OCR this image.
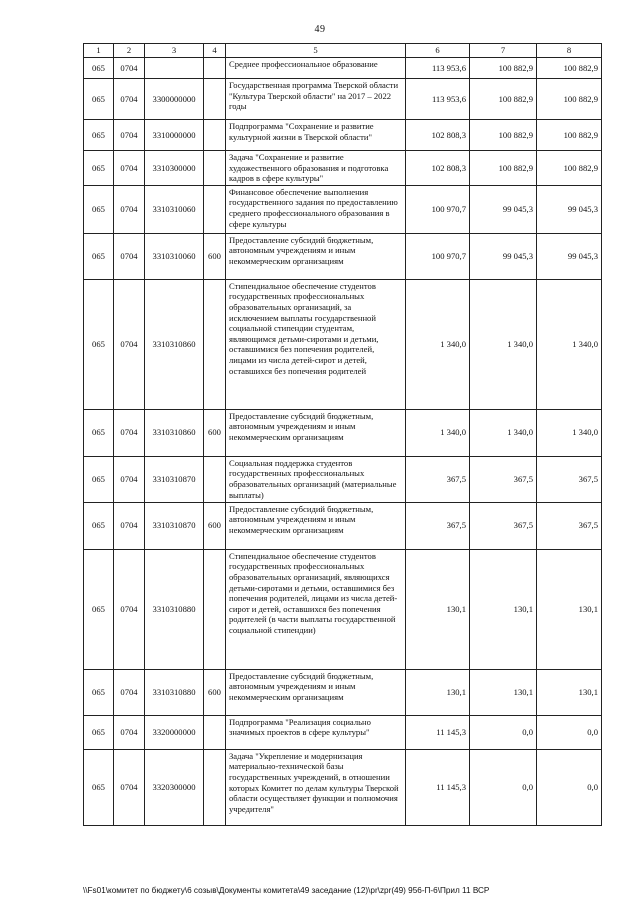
49
1	2	3	4	5	6	7	8
065	0704			Среднее профессиональное образование	113 953,6	100 882,9	100 882,9
065	0704	3300000000		Государственная программа Тверской области "Культура Тверской области" на 2017 – 2022 годы	113 953,6	100 882,9	100 882,9
065	0704	3310000000		Подпрограмма "Сохранение и развитие культурной жизни в Тверской области"	102 808,3	100 882,9	100 882,9
065	0704	3310300000		Задача "Сохранение и развитие художественного образования и подготовка кадров в сфере культуры"	102 808,3	100 882,9	100 882,9
065	0704	3310310060		Финансовое обеспечение выполнения государственного задания по предоставлению среднего профессионального образования в сфере культуры	100 970,7	99 045,3	99 045,3
065	0704	3310310060	600	Предоставление субсидий бюджетным, автономным учреждениям и иным некоммерческим организациям	100 970,7	99 045,3	99 045,3
065	0704	3310310860		Стипендиальное обеспечение студентов государственных профессиональных образовательных организаций, за исключением выплаты государственной социальной стипендии студентам, являющимся детьми-сиротами и детьми, оставшимися без попечения родителей, лицами из числа детей-сирот и детей, оставшихся без попечения родителей	1 340,0	1 340,0	1 340,0
065	0704	3310310860	600	Предоставление субсидий бюджетным, автономным учреждениям и иным некоммерческим организациям	1 340,0	1 340,0	1 340,0
065	0704	3310310870		Социальная поддержка студентов государственных профессиональных образовательных организаций (материальные выплаты)	367,5	367,5	367,5
065	0704	3310310870	600	Предоставление субсидий бюджетным, автономным учреждениям и иным некоммерческим организациям	367,5	367,5	367,5
065	0704	3310310880		Стипендиальное обеспечение студентов государственных профессиональных образовательных организаций, являющихся детьми-сиротами и детьми, оставшимися без попечения родителей, лицами из числа детей-сирот и детей, оставшихся без попечения родителей (в части выплаты государственной социальной стипендии)	130,1	130,1	130,1
065	0704	3310310880	600	Предоставление субсидий бюджетным, автономным учреждениям и иным некоммерческим организациям	130,1	130,1	130,1
065	0704	3320000000		Подпрограмма "Реализация социально значимых проектов в сфере культуры"	11 145,3	0,0	0,0
065	0704	3320300000		Задача "Укрепление и модернизация материально-технической базы государственных учреждений, в отношении которых Комитет по делам культуры Тверской области осуществляет функции и полномочия учредителя"	11 145,3	0,0	0,0
\\Fs01\комитет по бюджету\6 созыв\Документы комитета\49 заседание (12)\pr\zpr(49) 956-П-6\Прил 11 ВСР
